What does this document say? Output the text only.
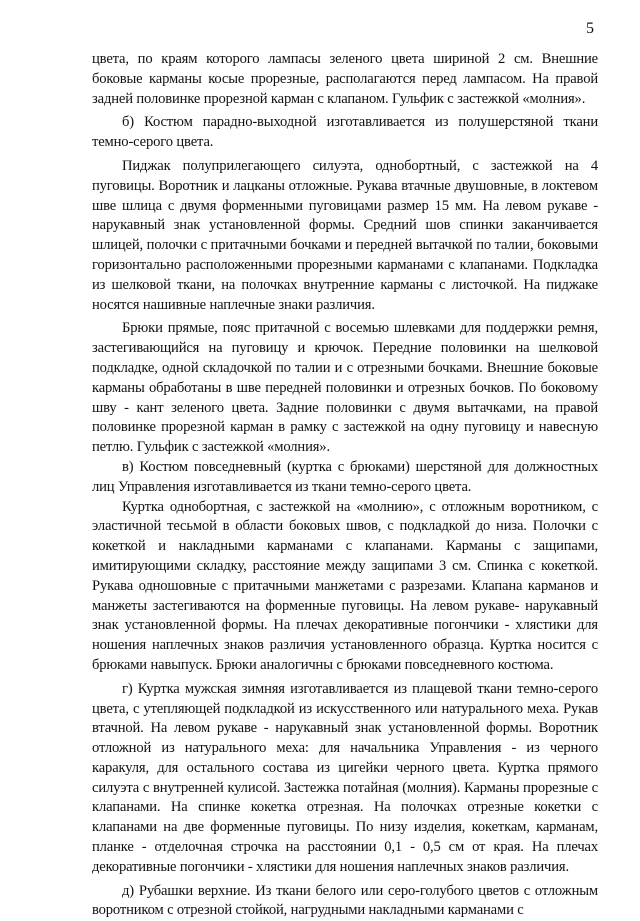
5

цвета, по краям которого лампасы зеленого цвета шириной 2 см. Внешние боковые карманы косые прорезные, располагаются перед лампасом. На правой задней половинке прорезной карман с клапаном. Гульфик с застежкой «молния».

б) Костюм парадно-выходной изготавливается из полушерстяной ткани темно-серого цвета.

Пиджак полуприлегающего силуэта, однобортный, с застежкой на 4 пуговицы. Воротник и лацканы отложные. Рукава втачные двушовные, в локтевом шве шлица с двумя форменными пуговицами размер 15 мм. На левом рукаве - нарукавный знак установленной формы. Средний шов спинки заканчивается шлицей, полочки с притачными бочками и передней вытачкой по талии, боковыми горизонтально расположенными прорезными карманами с клапанами. Подкладка из шелковой ткани, на полочках внутренние карманы с листочкой. На пиджаке носятся нашивные наплечные знаки различия.

Брюки прямые, пояс притачной с восемью шлевками для поддержки ремня, застегивающийся на пуговицу и крючок. Передние половинки на шелковой подкладке, одной складочкой по талии и с отрезными бочками. Внешние боковые карманы обработаны в шве передней половинки и отрезных бочков. По боковому шву - кант зеленого цвета. Задние половинки с двумя вытачками, на правой половинке прорезной карман в рамку с застежкой на одну пуговицу и навесную петлю. Гульфик с застежкой «молния».

в) Костюм повседневный (куртка с брюками) шерстяной для должностных лиц Управления изготавливается из ткани темно-серого цвета.

Куртка однобортная, с застежкой на «молнию», с отложным воротником, с эластичной тесьмой в области боковых швов, с подкладкой до низа. Полочки с кокеткой и накладными карманами с клапанами. Карманы с защипами, имитирующими складку, расстояние между защипами 3 см. Спинка с кокеткой. Рукава одношовные с притачными манжетами с разрезами. Клапана карманов и манжеты застегиваются на форменные пуговицы. На левом рукаве- нарукавный знак установленной формы. На плечах декоративные погончики - хлястики для ношения наплечных знаков различия установленного образца. Куртка носится с брюками навыпуск. Брюки аналогичны с брюками повседневного костюма.

г) Куртка мужская зимняя изготавливается из плащевой ткани темно-серого цвета, с утепляющей подкладкой из искусственного или натурального меха. Рукав втачной. На левом рукаве - нарукавный знак установленной формы. Воротник отложной из натурального меха: для начальника Управления - из черного каракуля, для остального состава из цигейки черного цвета. Куртка прямого силуэта с внутренней кулисой. Застежка потайная (молния). Карманы прорезные с клапанами. На спинке кокетка отрезная. На полочках отрезные кокетки с клапанами на две форменные пуговицы. По низу изделия, кокеткам, карманам, планке - отделочная строчка на расстоянии 0,1 - 0,5 см от края. На плечах декоративные погончики - хлястики для ношения наплечных знаков различия.

д) Рубашки верхние. Из ткани белого или серо-голубого цветов с отложным воротником с отрезной стойкой, нагрудными накладными карманами с
